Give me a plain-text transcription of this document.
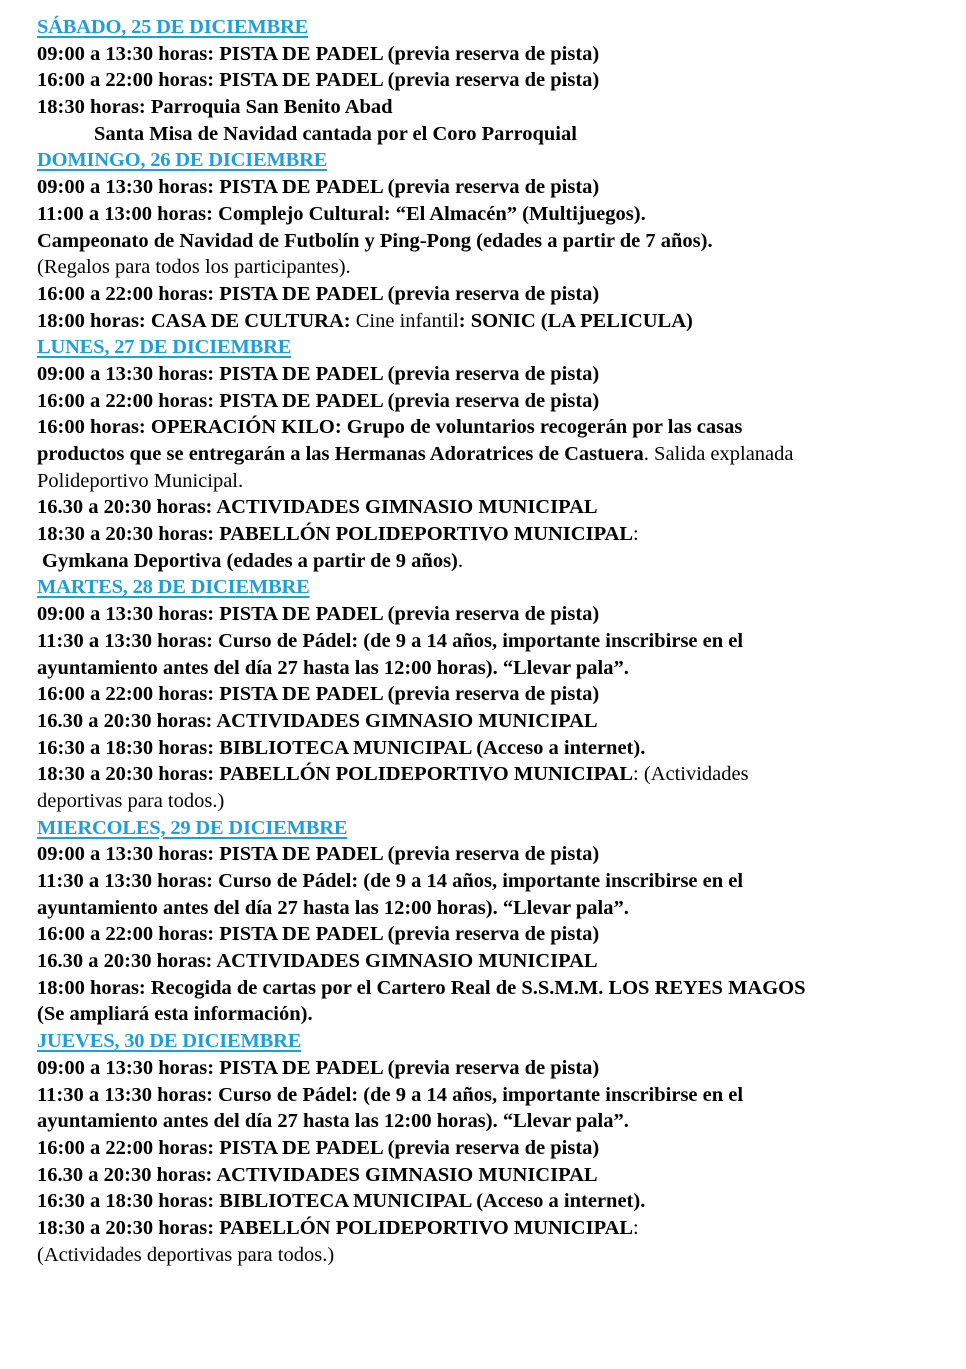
SÁBADO, 25 DE DICIEMBRE
09:00 a 13:30 horas: PISTA DE PADEL (previa reserva de pista)
16:00 a 22:00 horas: PISTA DE PADEL (previa reserva de pista)
18:30 horas: Parroquia San Benito Abad
Santa Misa de Navidad cantada por el Coro Parroquial
DOMINGO, 26 DE DICIEMBRE
09:00 a 13:30 horas: PISTA DE PADEL (previa reserva de pista)
11:00 a 13:00 horas: Complejo Cultural: “El Almacén” (Multijuegos).
Campeonato de Navidad de Futbolín y Ping-Pong (edades a partir de 7 años).
(Regalos para todos los participantes).
16:00 a 22:00 horas: PISTA DE PADEL (previa reserva de pista)
18:00 horas: CASA DE CULTURA: Cine infantil: SONIC (LA PELICULA)
LUNES, 27 DE DICIEMBRE
09:00 a 13:30 horas: PISTA DE PADEL (previa reserva de pista)
16:00 a 22:00 horas: PISTA DE PADEL (previa reserva de pista)
16:00 horas: OPERACIÓN KILO: Grupo de voluntarios recogerán por las casas
productos que se entregarán a las Hermanas Adoratrices de Castuera. Salida explanada
Polideportivo Municipal.
16.30 a 20:30 horas: ACTIVIDADES GIMNASIO MUNICIPAL
18:30 a 20:30 horas: PABELLÓN POLIDEPORTIVO MUNICIPAL:
Gymkana Deportiva (edades a partir de 9 años).
MARTES, 28 DE DICIEMBRE
09:00 a 13:30 horas: PISTA DE PADEL (previa reserva de pista)
11:30 a 13:30 horas: Curso de Pádel: (de 9 a 14 años, importante inscribirse en el
ayuntamiento antes del día 27 hasta las 12:00 horas). “Llevar pala”.
16:00 a 22:00 horas: PISTA DE PADEL (previa reserva de pista)
16.30 a 20:30 horas: ACTIVIDADES GIMNASIO MUNICIPAL
16:30 a 18:30 horas: BIBLIOTECA MUNICIPAL (Acceso a internet).
18:30 a 20:30 horas: PABELLÓN POLIDEPORTIVO MUNICIPAL: (Actividades
deportivas para todos.)
MIERCOLES, 29 DE DICIEMBRE
09:00 a 13:30 horas: PISTA DE PADEL (previa reserva de pista)
11:30 a 13:30 horas: Curso de Pádel: (de 9 a 14 años, importante inscribirse en el
ayuntamiento antes del día 27 hasta las 12:00 horas). “Llevar pala”.
16:00 a 22:00 horas: PISTA DE PADEL (previa reserva de pista)
16.30 a 20:30 horas: ACTIVIDADES GIMNASIO MUNICIPAL
18:00 horas: Recogida de cartas por el Cartero Real de S.S.M.M. LOS REYES MAGOS
(Se ampliará esta información).
JUEVES, 30 DE DICIEMBRE
09:00 a 13:30 horas: PISTA DE PADEL (previa reserva de pista)
11:30 a 13:30 horas: Curso de Pádel: (de 9 a 14 años, importante inscribirse en el
ayuntamiento antes del día 27 hasta las 12:00 horas). “Llevar pala”.
16:00 a 22:00 horas: PISTA DE PADEL (previa reserva de pista)
16.30 a 20:30 horas: ACTIVIDADES GIMNASIO MUNICIPAL
16:30 a 18:30 horas: BIBLIOTECA MUNICIPAL (Acceso a internet).
18:30 a 20:30 horas: PABELLÓN POLIDEPORTIVO MUNICIPAL:
(Actividades deportivas para todos.)
